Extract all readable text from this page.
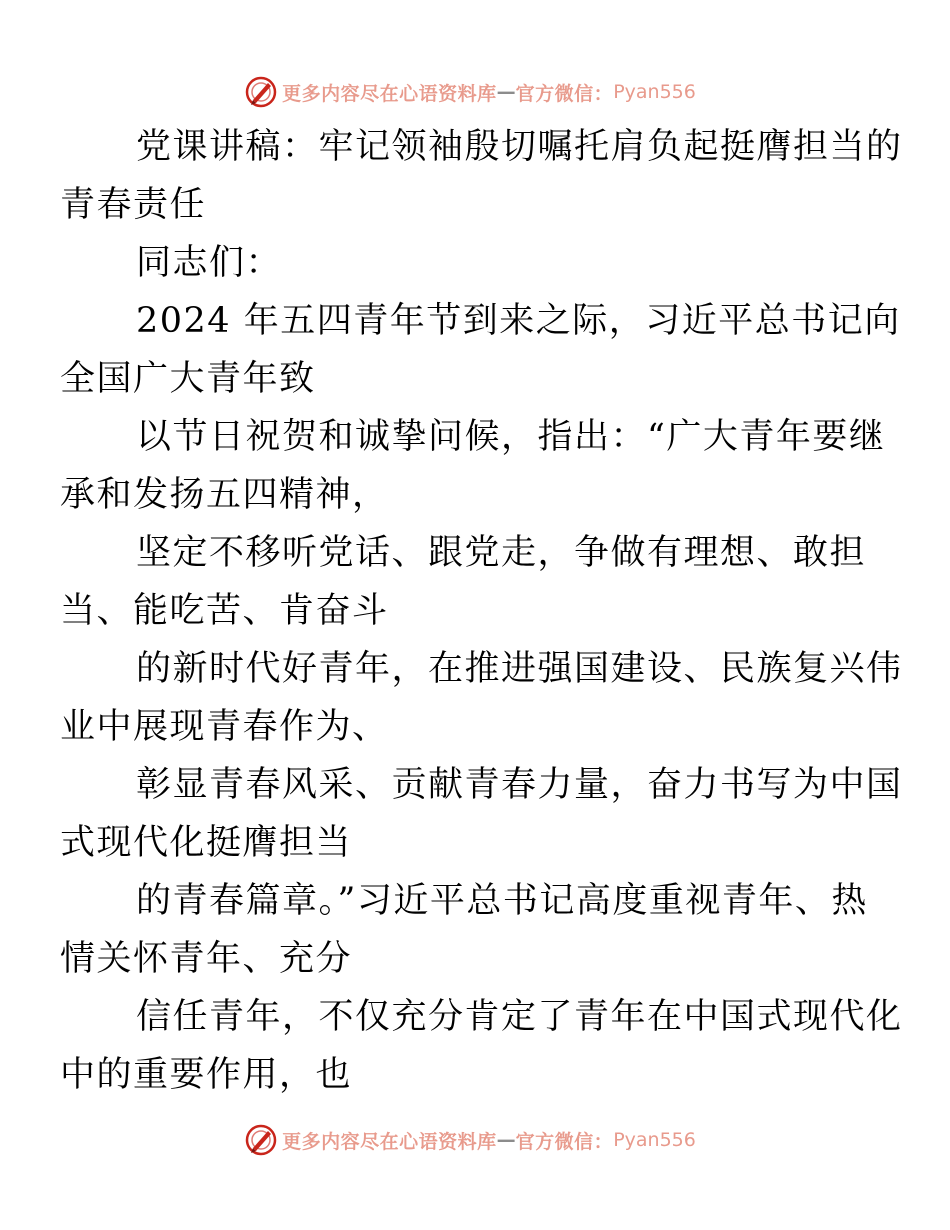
更多内容尽在心语资料库 — 官方微信： Pyan556

党课讲稿：牢记领袖殷切嘱托肩负起挺膺担当的
青春责任

同志们：

2024 年五四青年节到来之际，习近平总书记向
全国广大青年致

以节日祝贺和诚挚问候，指出：“广大青年要继
承和发扬五四精神，

坚定不移听党话、跟党走，争做有理想、敢担
当、能吃苦、肯奋斗

的新时代好青年，在推进强国建设、民族复兴伟
业中展现青春作为、

彰显青春风采、贡献青春力量，奋力书写为中国
式现代化挺膺担当

的青春篇章。”习近平总书记高度重视青年、热
情关怀青年、充分

信任青年，不仅充分肯定了青年在中国式现代化
中的重要作用，也

更多内容尽在心语资料库 — 官方微信： Pyan556
